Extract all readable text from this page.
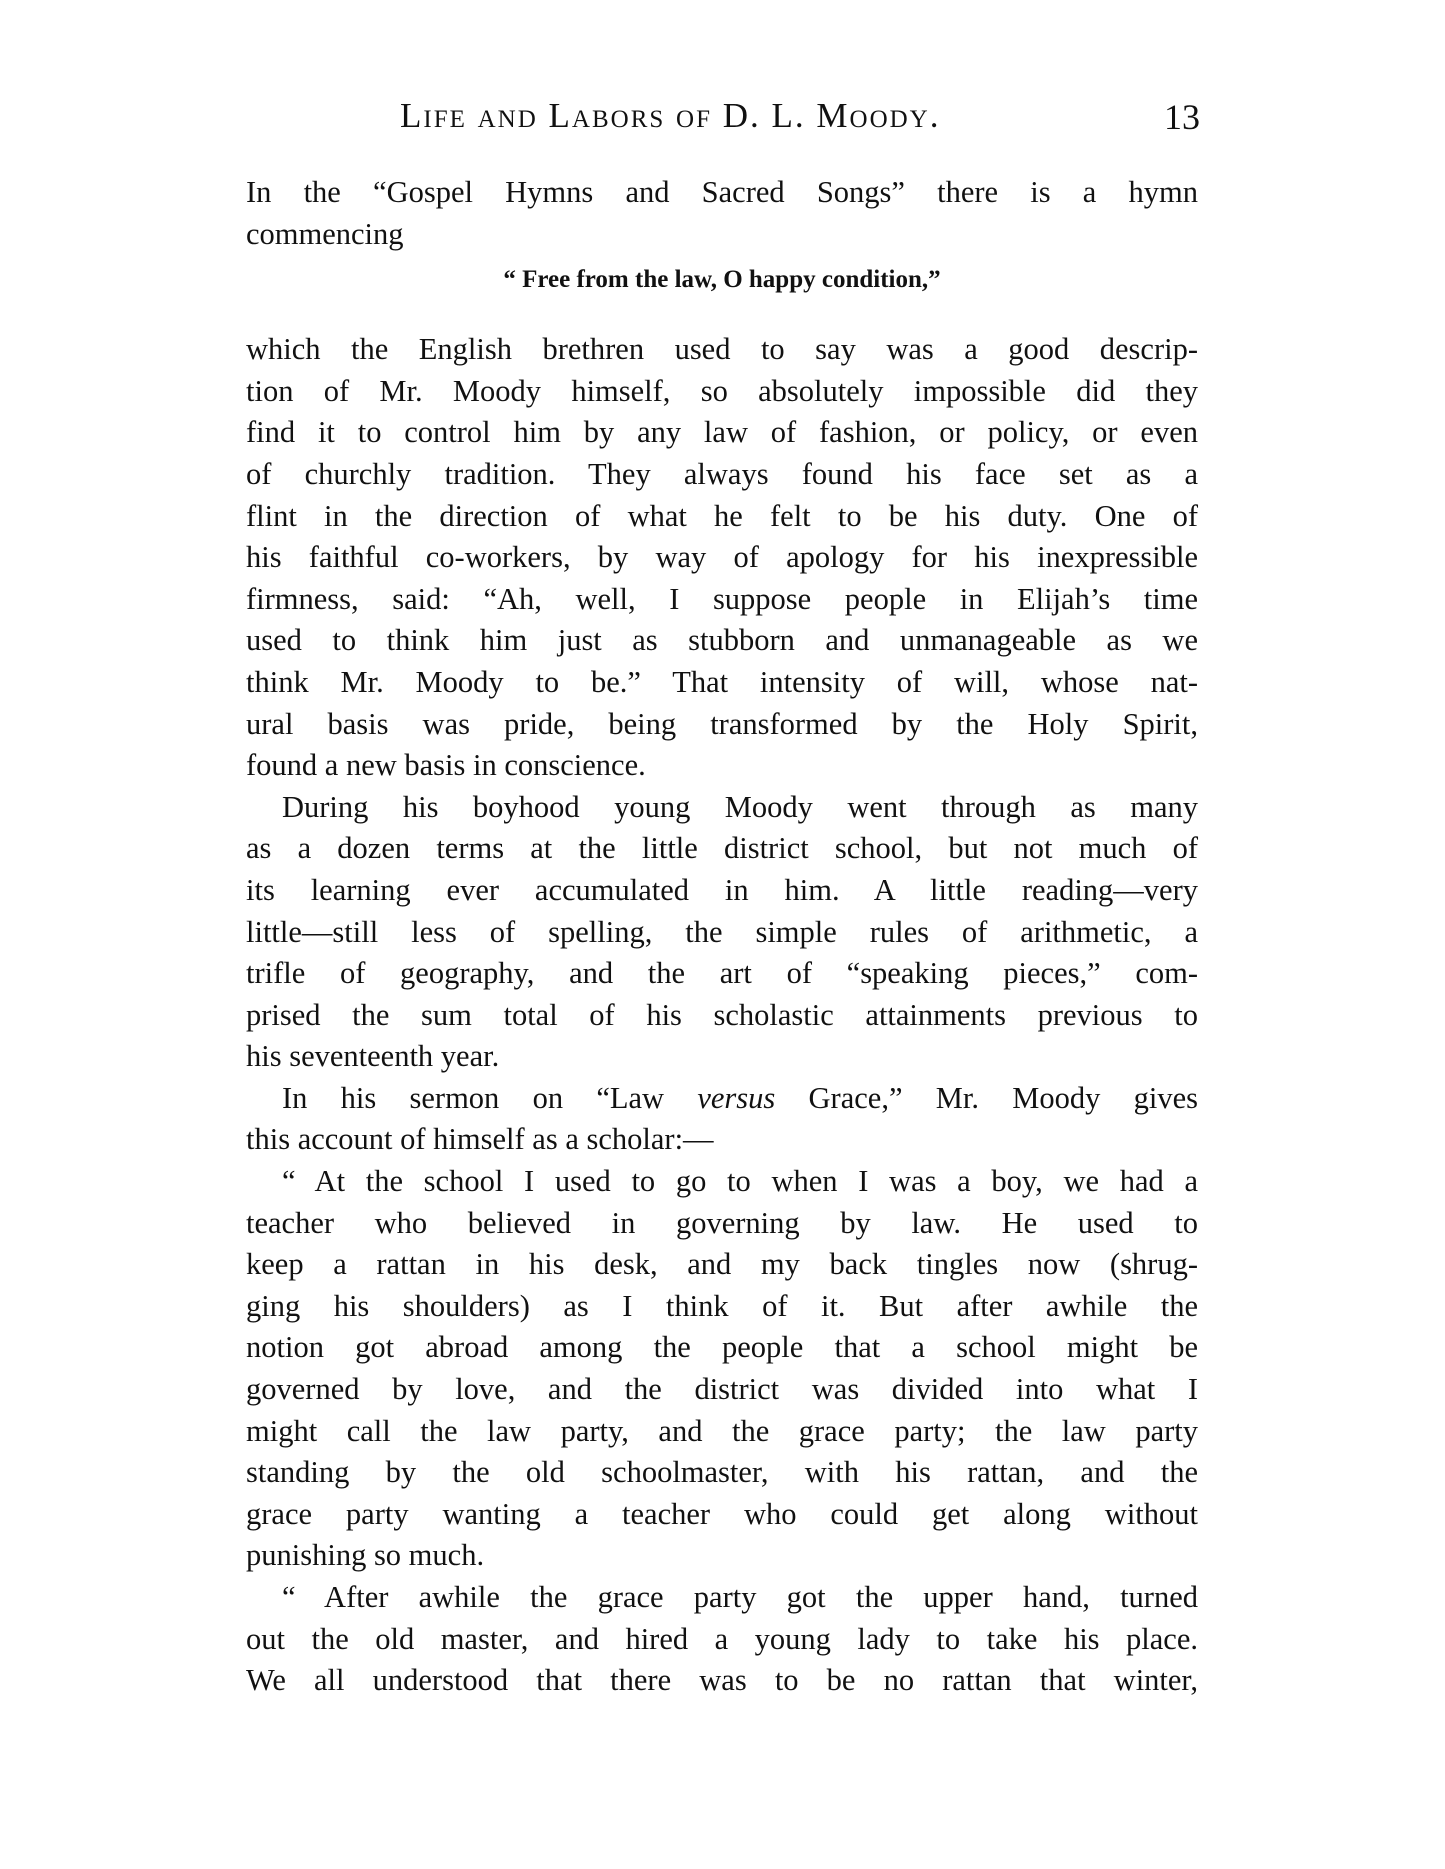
Life and Labors of D. L. Moody.	13
In the “Gospel Hymns and Sacred Songs” there is a hymn
commencing
“ Free from the law, O happy condition,”
which the English brethren used to say was a good descrip-
tion of Mr. Moody himself, so absolutely impossible did they
find it to control him by any law of fashion, or policy, or even
of churchly tradition. They always found his face set as a
flint in the direction of what he felt to be his duty. One of
his faithful co-workers, by way of apology for his inexpressible
firmness, said: “Ah, well, I suppose people in Elijah’s time
used to think him just as stubborn and unmanageable as we
think Mr. Moody to be.” That intensity of will, whose nat-
ural basis was pride, being transformed by the Holy Spirit,
found a new basis in conscience.
During his boyhood young Moody went through as many
as a dozen terms at the little district school, but not much of
its learning ever accumulated in him. A little reading—very
little—still less of spelling, the simple rules of arithmetic, a
trifle of geography, and the art of “speaking pieces,” com-
prised the sum total of his scholastic attainments previous to
his seventeenth year.
In his sermon on “Law versus Grace,” Mr. Moody gives
this account of himself as a scholar:—
“ At the school I used to go to when I was a boy, we had a
teacher who believed in governing by law. He used to
keep a rattan in his desk, and my back tingles now (shrug-
ging his shoulders) as I think of it. But after awhile the
notion got abroad among the people that a school might be
governed by love, and the district was divided into what I
might call the law party, and the grace party; the law party
standing by the old schoolmaster, with his rattan, and the
grace party wanting a teacher who could get along without
punishing so much.
“ After awhile the grace party got the upper hand, turned
out the old master, and hired a young lady to take his place.
We all understood that there was to be no rattan that winter,
